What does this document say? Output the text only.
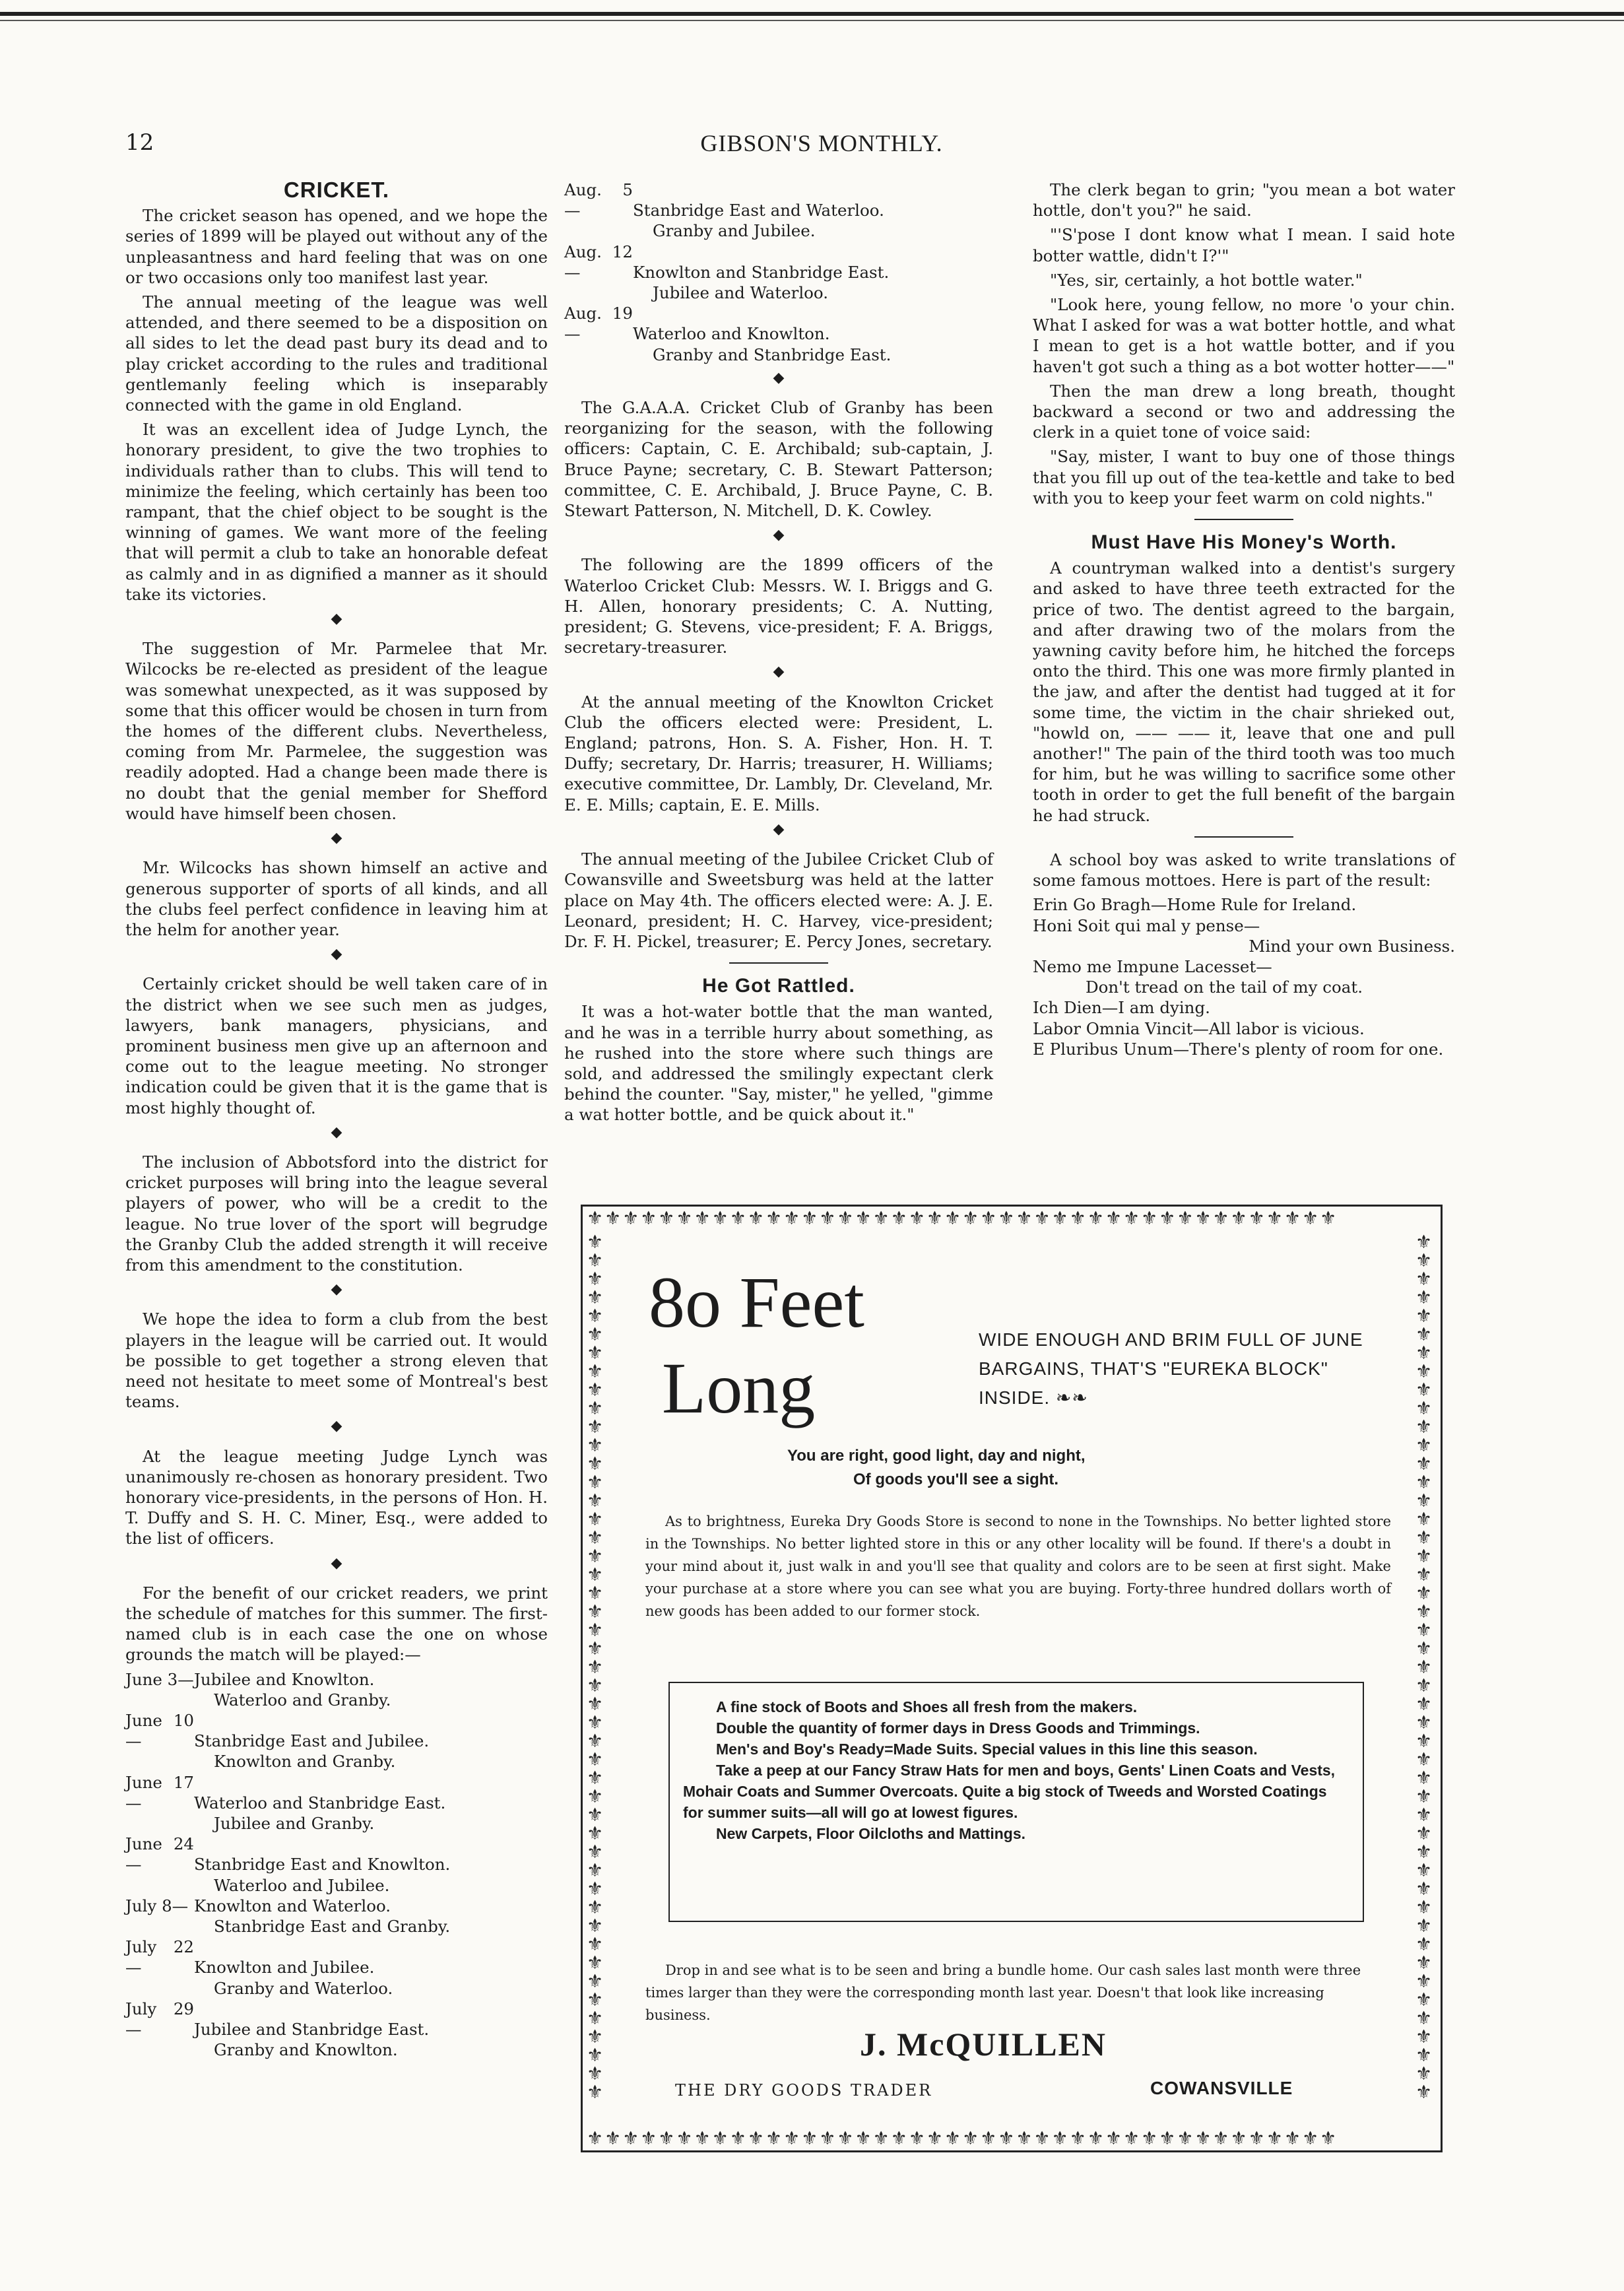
12	GIBSON'S MONTHLY.
CRICKET.

The cricket season has opened, and we hope the series of 1899 will be played out without any of the unpleasantness and hard feeling that was on one or two occasions only too manifest last year.

The annual meeting of the league was well attended, and there seemed to be a disposition on all sides to let the dead past bury its dead and to play cricket according to the rules and traditional gentlemanly feeling which is inseparably connected with the game in old England.

It was an excellent idea of Judge Lynch, the honorary president, to give the two trophies to individuals rather than to clubs. This will tend to minimize the feeling, which certainly has been too rampant, that the chief object to be sought is the winning of games. We want more of the feeling that will permit a club to take an honorable defeat as calmly and in as dignified a manner as it should take its victories.

◆

The suggestion of Mr. Parmelee that Mr. Wilcocks be re-elected as president of the league was somewhat unexpected, as it was supposed by some that this officer would be chosen in turn from the homes of the different clubs. Nevertheless, coming from Mr. Parmelee, the suggestion was readily adopted. Had a change been made there is no doubt that the genial member for Shefford would have himself been chosen.

◆

Mr. Wilcocks has shown himself an active and generous supporter of sports of all kinds, and all the clubs feel perfect confidence in leaving him at the helm for another year.

◆

Certainly cricket should be well taken care of in the district when we see such men as judges, lawyers, bank managers, physicians, and prominent business men give up an afternoon and come out to the league meeting. No stronger indication could be given that it is the game that is most highly thought of.

◆

The inclusion of Abbotsford into the district for cricket purposes will bring into the league several players of power, who will be a credit to the league. No true lover of the sport will begrudge the Granby Club the added strength it will receive from this amendment to the constitution.

◆

We hope the idea to form a club from the best players in the league will be carried out. It would be possible to get together a strong eleven that need not hesitate to meet some of Montreal's best teams.

◆

At the league meeting Judge Lynch was unanimously re-chosen as honorary president. Two honorary vice-presidents, in the persons of Hon. H. T. Duffy and S. H. C. Miner, Esq., were added to the list of officers.

◆

For the benefit of our cricket readers, we print the schedule of matches for this summer. The first-named club is in each case the one on whose grounds the match will be played:—

June 3—Jubilee and Knowlton.
Waterloo and Granby.
June 10—	Stanbridge East and Jubilee.
Knowlton and Granby.
June 17—	Waterloo and Stanbridge East.
Jubilee and Granby.
June 24—	Stanbridge East and Knowlton.
Waterloo and Jubilee.
July 8— Knowlton and Waterloo.
Stanbridge East and Granby.
July 22—	Knowlton and Jubilee.
Granby and Waterloo.
July 29—	Jubilee and Stanbridge East.
Granby and Knowlton.
Aug. 5—	Stanbridge East and Waterloo.
Granby and Jubilee.
Aug. 12—	Knowlton and Stanbridge East.
Jubilee and Waterloo.
Aug. 19—	Waterloo and Knowlton.
Granby and Stanbridge East.
◆

The G.A.A.A. Cricket Club of Granby has been reorganizing for the season, with the following officers: Captain, C. E. Archibald; sub-captain, J. Bruce Payne; secretary, C. B. Stewart Patterson; committee, C. E. Archibald, J. Bruce Payne, C. B. Stewart Patterson, N. Mitchell, D. K. Cowley.

◆

The following are the 1899 officers of the Waterloo Cricket Club: Messrs. W. I. Briggs and G. H. Allen, honorary presidents; C. A. Nutting, president; G. Stevens, vice-president; F. A. Briggs, secretary-treasurer.

◆

At the annual meeting of the Knowlton Cricket Club the officers elected were: President, L. England; patrons, Hon. S. A. Fisher, Hon. H. T. Duffy; secretary, Dr. Harris; treasurer, H. Williams; executive committee, Dr. Lambly, Dr. Cleveland, Mr. E. E. Mills; captain, E. E. Mills.

◆

The annual meeting of the Jubilee Cricket Club of Cowansville and Sweetsburg was held at the latter place on May 4th. The officers elected were: A. J. E. Leonard, president; H. C. Harvey, vice-president; Dr. F. H. Pickel, treasurer; E. Percy Jones, secretary.

He Got Rattled.

It was a hot-water bottle that the man wanted, and he was in a terrible hurry about something, as he rushed into the store where such things are sold, and addressed the smilingly expectant clerk behind the counter. "Say, mister," he yelled, "gimme a wat hotter bottle, and be quick about it."

The clerk began to grin; "you mean a bot water hottle, don't you?" he said.

"'S'pose I dont know what I mean. I said hote botter wattle, didn't I?'"

"Yes, sir, certainly, a hot bottle water."

"Look here, young fellow, no more 'o your chin. What I asked for was a wat botter hottle, and what I mean to get is a hot wattle botter, and if you haven't got such a thing as a bot wotter hotter——"

Then the man drew a long breath, thought backward a second or two and addressing the clerk in a quiet tone of voice said:

"Say, mister, I want to buy one of those things that you fill up out of the tea-kettle and take to bed with you to keep your feet warm on cold nights."

Must Have His Money's Worth.

A countryman walked into a dentist's surgery and asked to have three teeth extracted for the price of two. The dentist agreed to the bargain, and after drawing two of the molars from the yawning cavity before him, he hitched the forceps onto the third. This one was more firmly planted in the jaw, and after the dentist had tugged at it for some time, the victim in the chair shrieked out, "howld on, —— —— it, leave that one and pull another!" The pain of the third tooth was too much for him, but he was willing to sacrifice some other tooth in order to get the full benefit of the bargain he had struck.

A school boy was asked to write translations of some famous mottoes. Here is part of the result:

Erin Go Bragh—Home Rule for Ireland.
Honi Soit qui mal y pense—
Mind your own Business.
Nemo me Impune Lacesset—
Don't tread on the tail of my coat.
Ich Dien—I am dying.
Labor Omnia Vincit—All labor is vicious.
E Pluribus Unum—There's plenty of room for one.
⚜⚜⚜⚜⚜⚜⚜⚜⚜⚜⚜⚜⚜⚜⚜⚜⚜⚜⚜⚜⚜⚜⚜⚜⚜⚜⚜⚜⚜⚜⚜⚜⚜⚜⚜⚜⚜⚜⚜⚜⚜⚜
⚜⚜⚜⚜⚜⚜⚜⚜⚜⚜⚜⚜⚜⚜⚜⚜⚜⚜⚜⚜⚜⚜⚜⚜⚜⚜⚜⚜⚜⚜⚜⚜⚜⚜⚜⚜⚜⚜⚜⚜⚜⚜
⚜⚜⚜⚜⚜⚜⚜⚜⚜⚜⚜⚜⚜⚜⚜⚜⚜⚜⚜⚜⚜⚜⚜⚜⚜⚜⚜⚜⚜⚜⚜⚜⚜⚜⚜⚜⚜⚜⚜⚜⚜⚜⚜⚜⚜⚜⚜
⚜⚜⚜⚜⚜⚜⚜⚜⚜⚜⚜⚜⚜⚜⚜⚜⚜⚜⚜⚜⚜⚜⚜⚜⚜⚜⚜⚜⚜⚜⚜⚜⚜⚜⚜⚜⚜⚜⚜⚜⚜⚜⚜⚜⚜⚜⚜
8o Feet
Long
WIDE ENOUGH AND BRIM FULL OF JUNE BARGAINS, THAT'S "EUREKA BLOCK" INSIDE. ❧❧
You are right, good light, day and night,
Of goods you'll see a sight.
As to brightness, Eureka Dry Goods Store is second to none in the Townships. No better lighted store in the Townships. No better lighted store in this or any other locality will be found. If there's a doubt in your mind about it, just walk in and you'll see that quality and colors are to be seen at first sight. Make your purchase at a store where you can see what you are buying. Forty-three hundred dollars worth of new goods has been added to our former stock.
A fine stock of Boots and Shoes all fresh from the makers.
Double the quantity of former days in Dress Goods and Trimmings.
Men's and Boy's Ready=Made Suits. Special values in this line this season.
Take a peep at our Fancy Straw Hats for men and boys, Gents' Linen Coats and Vests, Mohair Coats and Summer Overcoats. Quite a big stock of Tweeds and Worsted Coatings for summer suits—all will go at lowest figures.
New Carpets, Floor Oilcloths and Mattings.
Drop in and see what is to be seen and bring a bundle home. Our cash sales last month were three times larger than they were the corresponding month last year. Doesn't that look like increasing business.
J. McQUILLEN
THE DRY GOODS TRADER	COWANSVILLE
